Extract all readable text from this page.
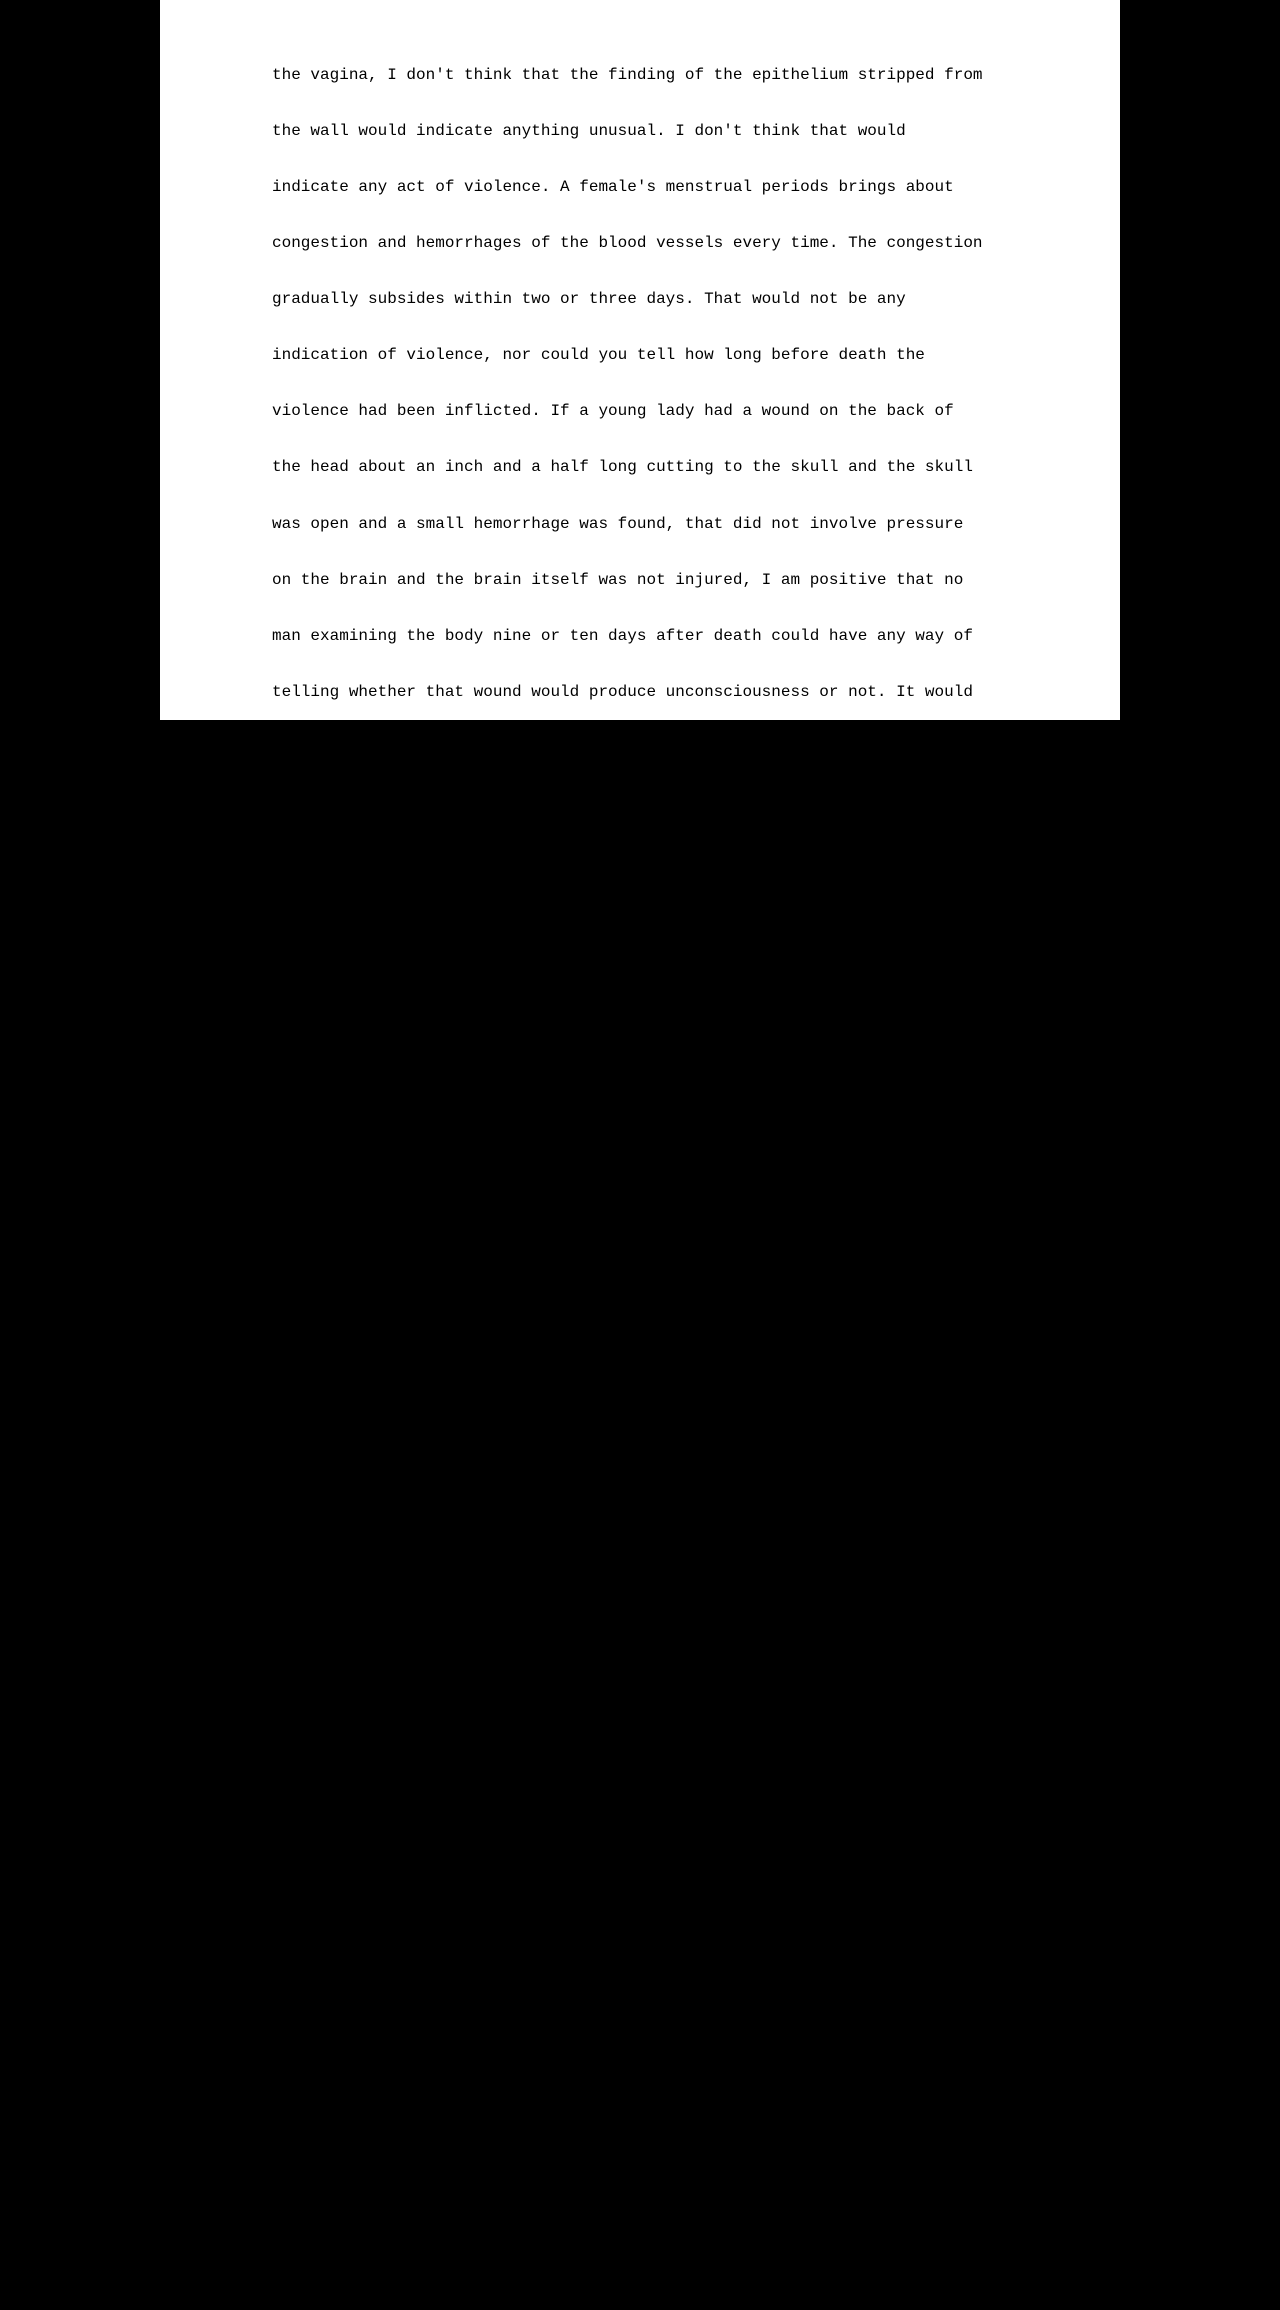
the vagina, I don't think that the finding of the epithelium stripped from

the wall would indicate anything unusual. I don't think that would

indicate any act of violence. A female's menstrual periods brings about

congestion and hemorrhages of the blood vessels every time. The congestion

gradually subsides within two or three days. That would not be any

indication of violence, nor could you tell how long before death the

violence had been inflicted. If a young lady had a wound on the back of

the head about an inch and a half long cutting to the skull and the skull

was open and a small hemorrhage was found, that did not involve pressure

on the brain and the brain itself was not injured, I am positive that no

man examining the body nine or ten days after death could have any way of

telling whether that wound would produce unconsciousness or not. It would

be a pure conjecture if he said anything on that subject. Skulls are

sometimes fractured without unconsciousness. Each stomach is a law to

itself. It is a known fact that some stomachs will digest different

substances quicker than others. I don't think that there is an expert in

the world who could form any definite idea by either chemical analysis of

the liquids of the stomach or by the condition of the cabbage lodged in

the stomach as to how long it had been in the stomach.

CROSS EXAMINATION.

I am not a specialist of the stomach, but I am and have been teaching

diseases of the stomach and all these cases come under my jurisdiction.

Dr. Westmoreland is a surgeon, not a stomach specialist. Dr. Hancock is

not a stomach specialist. If you find starch granules in the stomach

undigested and cabbage undigested and thirty-two degrees of hydrochloric

acid in the stomach and no dextrose and no maltose, the small intestines

for six feet absolutely empty, the sides and glands of the stomach all

normal, I would not have an opinion as to how long that cabbage was in the

stomach for the reason that each case will order itself. Yes, there are

certain general principles dealing with these matters. Hydrochloric acid

appears early during digestion and in small quantity, and goes up. The

main things in the stomach are pepsin and hydrochloric acid. As soon as a

piece of cabbage or bread gets into the stomach the hydrochloric acid

begins to attack it and works until it has a clear field and leaves

nothing in the stomach, and thereafter the hydrochloric acid descends. I

have made no effort whatever to find out how rapidly hydrochloric acid
